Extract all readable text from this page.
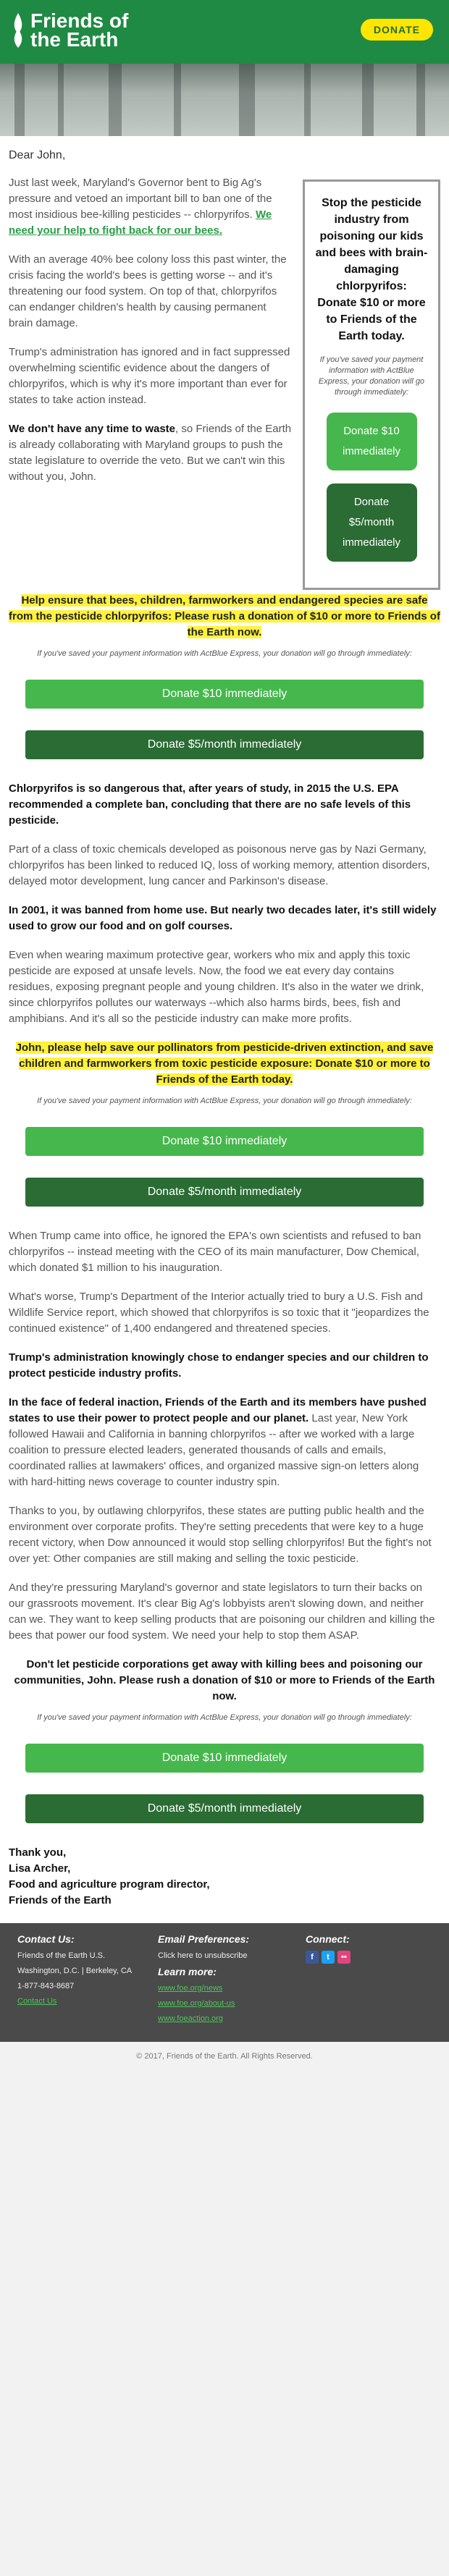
Friends of
the Earth	DONATE
Dear John,

Just last week, Maryland's Governor bent to Big Ag's pressure and vetoed an important bill to ban one of the most insidious bee-killing pesticides -- chlorpyrifos. We need your help to fight back for our bees.

With an average 40% bee colony loss this past winter, the crisis facing the world's bees is getting worse -- and it's threatening our food system. On top of that, chlorpyrifos can endanger children's health by causing permanent brain damage.

Trump's administration has ignored and in fact suppressed overwhelming scientific evidence about the dangers of chlorpyrifos, which is why it's more important than ever for states to take action instead.

We don't have any time to waste, so Friends of the Earth is already collaborating with Maryland groups to push the state legislature to override the veto. But we can't win this without you, John.

Stop the pesticide industry from poisoning our kids and bees with brain-damaging chlorpyrifos: Donate $10 or more to Friends of the Earth today.
If you've saved your payment information with ActBlue Express, your donation will go through immediately:
Donate $10 immediately
Donate $5/month immediately
Help ensure that bees, children, farmworkers and endangered species are safe from the pesticide chlorpyrifos: Please rush a donation of $10 or more to Friends of the Earth now.
If you've saved your payment information with ActBlue Express, your donation will go through immediately:
Donate $10 immediately
Donate $5/month immediately

Chlorpyrifos is so dangerous that, after years of study, in 2015 the U.S. EPA recommended a complete ban, concluding that there are no safe levels of this pesticide.

Part of a class of toxic chemicals developed as poisonous nerve gas by Nazi Germany, chlorpyrifos has been linked to reduced IQ, loss of working memory, attention disorders, delayed motor development, lung cancer and Parkinson's disease.

In 2001, it was banned from home use. But nearly two decades later, it's still widely used to grow our food and on golf courses.

Even when wearing maximum protective gear, workers who mix and apply this toxic pesticide are exposed at unsafe levels. Now, the food we eat every day contains residues, exposing pregnant people and young children. It's also in the water we drink, since chlorpyrifos pollutes our waterways --which also harms birds, bees, fish and amphibians. And it's all so the pesticide industry can make more profits.

John, please help save our pollinators from pesticide-driven extinction, and save children and farmworkers from toxic pesticide exposure: Donate $10 or more to Friends of the Earth today.
If you've saved your payment information with ActBlue Express, your donation will go through immediately:
Donate $10 immediately
Donate $5/month immediately

When Trump came into office, he ignored the EPA's own scientists and refused to ban chlorpyrifos -- instead meeting with the CEO of its main manufacturer, Dow Chemical, which donated $1 million to his inauguration.

What's worse, Trump's Department of the Interior actually tried to bury a U.S. Fish and Wildlife Service report, which showed that chlorpyrifos is so toxic that it "jeopardizes the continued existence" of 1,400 endangered and threatened species.

Trump's administration knowingly chose to endanger species and our children to protect pesticide industry profits.

In the face of federal inaction, Friends of the Earth and its members have pushed states to use their power to protect people and our planet. Last year, New York followed Hawaii and California in banning chlorpyrifos -- after we worked with a large coalition to pressure elected leaders, generated thousands of calls and emails, coordinated rallies at lawmakers' offices, and organized massive sign-on letters along with hard-hitting news coverage to counter industry spin.

Thanks to you, by outlawing chlorpyrifos, these states are putting public health and the environment over corporate profits. They're setting precedents that were key to a huge recent victory, when Dow announced it would stop selling chlorpyrifos! But the fight's not over yet: Other companies are still making and selling the toxic pesticide.

And they're pressuring Maryland's governor and state legislators to turn their backs on our grassroots movement. It's clear Big Ag's lobbyists aren't slowing down, and neither can we. They want to keep selling products that are poisoning our children and killing the bees that power our food system. We need your help to stop them ASAP.

Don't let pesticide corporations get away with killing bees and poisoning our communities, John. Please rush a donation of $10 or more to Friends of the Earth now.
If you've saved your payment information with ActBlue Express, your donation will go through immediately:
Donate $10 immediately
Donate $5/month immediately
Thank you,
Lisa Archer,
Food and agriculture program director,
Friends of the Earth
Contact Us:
Friends of the Earth U.S.
Washington, D.C. | Berkeley, CA
1-877-843-8687
Contact Us
Email Preferences:
Click here to unsubscribe
Learn more:
www.foe.org/news
www.foe.org/about-us
www.foeaction.org
Connect:
f	t	••
© 2017, Friends of the Earth. All Rights Reserved.
